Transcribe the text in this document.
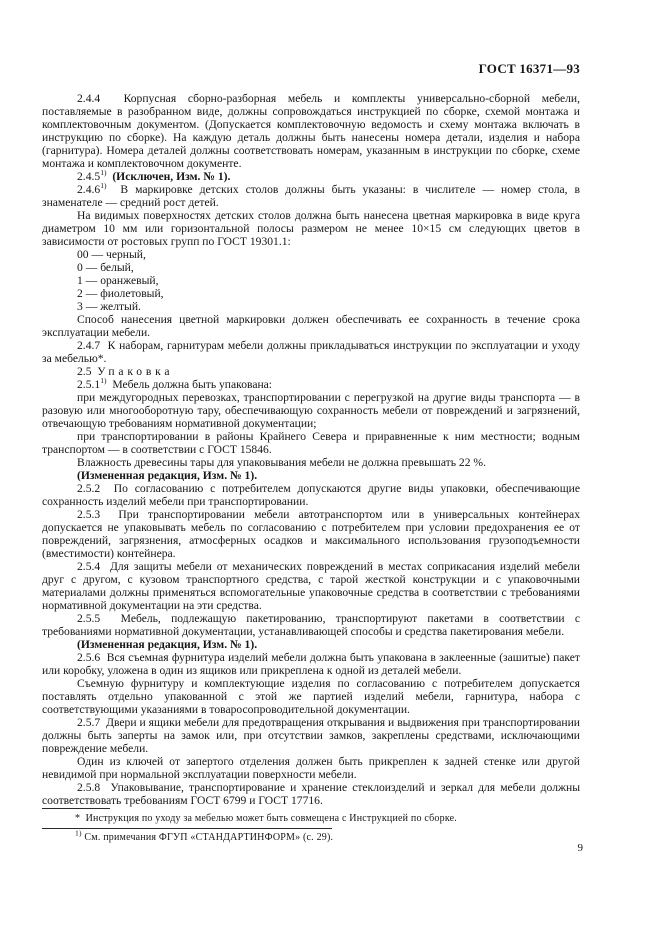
ГОСТ 16371—93

2.4.4  Корпусная сборно-разборная мебель и комплекты универсально-сборной мебели, поставляемые в разобранном виде, должны сопровождаться инструкцией по сборке, схемой монтажа и комплектовочным документом. (Допускается комплектовочную ведомость и схему монтажа включать в инструкцию по сборке). На каждую деталь должны быть нанесены номера детали, изделия и набора (гарнитура). Номера деталей должны соответствовать номерам, указанным в инструкции по сборке, схеме монтажа и комплектовочном документе.

2.4.5$^{1)}$ (Исключен, Изм. № 1).

2.4.6$^{1)}$  В маркировке детских столов должны быть указаны: в числителе — номер стола, в знаменателе — средний рост детей.

На видимых поверхностях детских столов должна быть нанесена цветная маркировка в виде круга диаметром 10 мм или горизонтальной полосы размером не менее 10×15 см следующих цветов в зависимости от ростовых групп по ГОСТ 19301.1:

00 — черный,

0 — белый,

1 — оранжевый,

2 — фиолетовый,

3 — желтый.

Способ нанесения цветной маркировки должен обеспечивать ее сохранность в течение срока эксплуатации мебели.

2.4.7  К наборам, гарнитурам мебели должны прикладываться инструкции по эксплуатации и уходу за мебелью*.

2.5  Упаковка

2.5.1$^{1)}$  Мебель должна быть упакована:

при междугородных перевозках, транспортировании с перегрузкой на другие виды транспорта — в разовую или многооборотную тару, обеспечивающую сохранность мебели от повреждений и загрязнений, отвечающую требованиям нормативной документации;

при транспортировании в районы Крайнего Севера и приравненные к ним местности; водным транспортом — в соответствии с ГОСТ 15846.

Влажность древесины тары для упаковывания мебели не должна превышать 22 %.

(Измененная редакция, Изм. № 1).

2.5.2  По согласованию с потребителем допускаются другие виды упаковки, обеспечивающие сохранность изделий мебели при транспортировании.

2.5.3  При транспортировании мебели автотранспортом или в универсальных контейнерах допускается не упаковывать мебель по согласованию с потребителем при условии предохранения ее от повреждений, загрязнения, атмосферных осадков и максимального использования грузоподъемности (вместимости) контейнера.

2.5.4  Для защиты мебели от механических повреждений в местах соприкасания изделий мебели друг с другом, с кузовом транспортного средства, с тарой жесткой конструкции и с упаковочными материалами должны применяться вспомогательные упаковочные средства в соответствии с требованиями нормативной документации на эти средства.

2.5.5  Мебель, подлежащую пакетированию, транспортируют пакетами в соответствии с требованиями нормативной документации, устанавливающей способы и средства пакетирования мебели.

(Измененная редакция, Изм. № 1).

2.5.6  Вся съемная фурнитура изделий мебели должна быть упакована в заклеенные (зашитые) пакет или коробку, уложена в один из ящиков или прикреплена к одной из деталей мебели.

Съемную фурнитуру и комплектующие изделия по согласованию с потребителем допускается поставлять отдельно упакованной с этой же партией изделий мебели, гарнитура, набора с соответствующими указаниями в товаросопроводительной документации.

2.5.7  Двери и ящики мебели для предотвращения открывания и выдвижения при транспортировании должны быть заперты на замок или, при отсутствии замков, закреплены средствами, исключающими повреждение мебели.

Один из ключей от запертого отделения должен быть прикреплен к задней стенке или другой невидимой при нормальной эксплуатации поверхности мебели.

2.5.8  Упаковывание, транспортирование и хранение стеклоизделий и зеркал для мебели должны соответствовать требованиям ГОСТ 6799 и ГОСТ 17716.

*  Инструкция по уходу за мебелью может быть совмещена с Инструкцией по сборке.

$^{1)}$ См. примечания ФГУП «СТАНДАРТИНФОРМ» (с. 29).

9
